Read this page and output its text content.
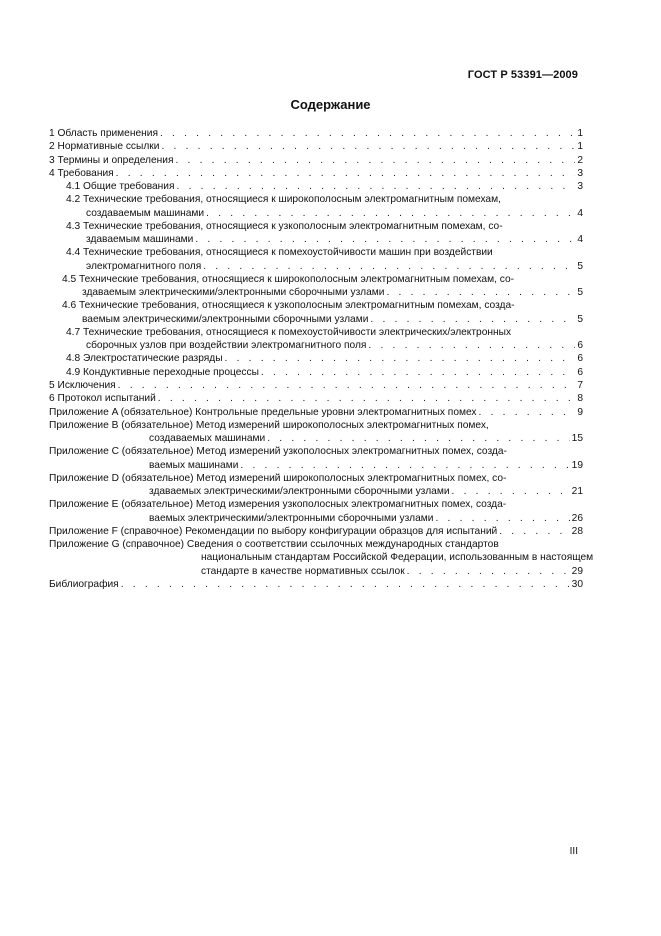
ГОСТ Р 53391—2009
Содержание
1 Область применения . . .	1
2 Нормативные ссылки . . .	1
3 Термины и определения . . .	2
4 Требования . . .	3
4.1 Общие требования . . .	3
4.2 Технические требования, относящиеся к широкополосным электромагнитным помехам,
создаваемым машинами . . .	4
4.3 Технические требования, относящиеся к узкополосным электромагнитным помехам, со-
здаваемым машинами . . .	4
4.4 Технические требования, относящиеся к помехоустойчивости машин при воздействии
электромагнитного поля . . .	5
4.5 Технические требования, относящиеся к широкополосным электромагнитным помехам, со-
здаваемым электрическими/электронными сборочными узлами . . .	5
4.6 Технические требования, относящиеся к узкополосным электромагнитным помехам, созда-
ваемым электрическими/электронными сборочными узлами . . .	5
4.7 Технические требования, относящиеся к помехоустойчивости электрических/электронных
сборочных узлов при воздействии электромагнитного поля . . .	6
4.8 Электростатические разряды . . .	6
4.9 Кондуктивные переходные процессы . . .	6
5 Исключения . . .	7
6 Протокол испытаний . . .	8
Приложение A (обязательное) Контрольные предельные уровни электромагнитных помех . . .	9
Приложение B (обязательное) Метод измерений широкополосных электромагнитных помех,
создаваемых машинами . . .	15
Приложение C (обязательное) Метод измерений узкополосных электромагнитных помех, созда-
ваемых машинами . . .	19
Приложение D (обязательное) Метод измерений широкополосных электромагнитных помех, со-
здаваемых электрическими/электронными сборочными узлами . . .	21
Приложение E (обязательное) Метод измерения узкополосных электромагнитных помех, созда-
ваемых электрическими/электронными сборочными узлами . . .	26
Приложение F (справочное) Рекомендации по выбору конфигурации образцов для испытаний . . .	28
Приложение G (справочное) Сведения о соответствии ссылочных международных стандартов
национальным стандартам Российской Федерации, использованным в настоящем
стандарте в качестве нормативных ссылок . . .	29
Библиография . . .	30
III
